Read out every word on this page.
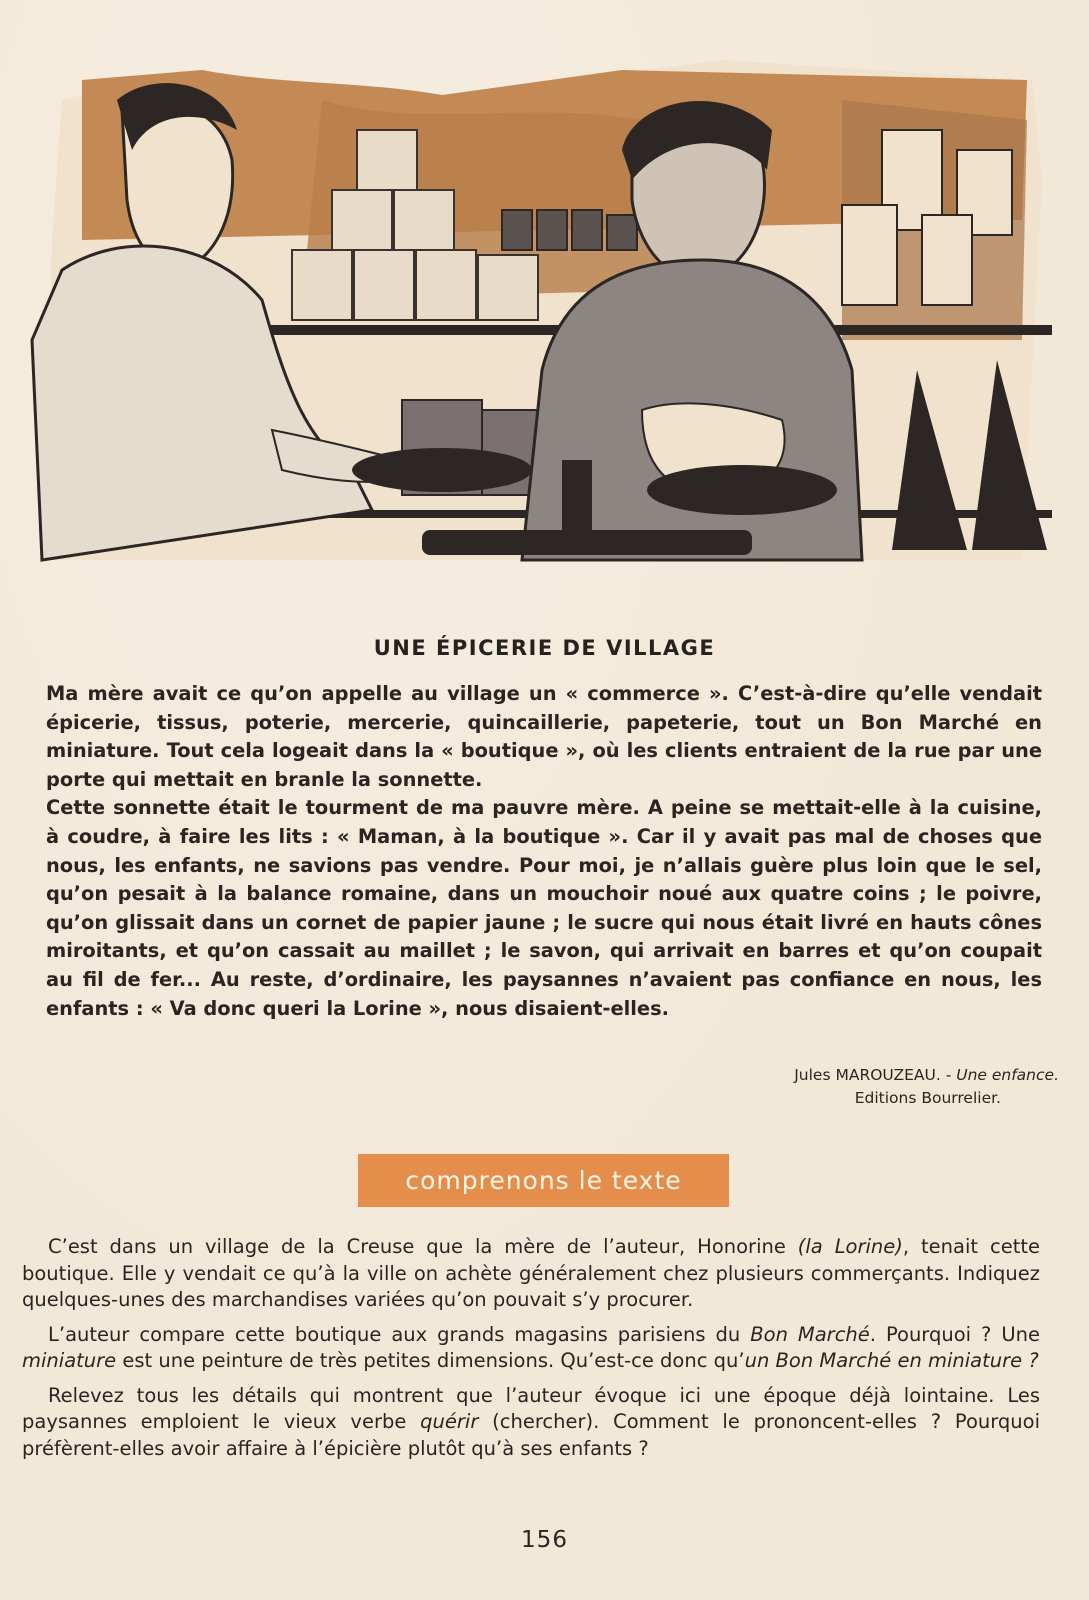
UNE ÉPICERIE DE VILLAGE

Ma mère avait ce qu’on appelle au village un « commerce ». C’est-à-dire qu’elle vendait épicerie, tissus, poterie, mercerie, quincaillerie, papeterie, tout un Bon Marché en miniature. Tout cela logeait dans la « boutique », où les clients entraient de la rue par une porte qui mettait en branle la sonnette.

Cette sonnette était le tourment de ma pauvre mère. A peine se mettait-elle à la cuisine, à coudre, à faire les lits : « Maman, à la boutique ». Car il y avait pas mal de choses que nous, les enfants, ne savions pas vendre. Pour moi, je n’allais guère plus loin que le sel, qu’on pesait à la balance romaine, dans un mouchoir noué aux quatre coins ; le poivre, qu’on glissait dans un cornet de papier jaune ; le sucre qui nous était livré en hauts cônes miroitants, et qu’on cassait au maillet ; le savon, qui arrivait en barres et qu’on coupait au fil de fer... Au reste, d’ordinaire, les paysannes n’avaient pas confiance en nous, les enfants : « Va donc queri la Lorine », nous disaient-elles.

Jules MAROUZEAU. - Une enfance.
Editions Bourrelier.
comprenons le texte

C’est dans un village de la Creuse que la mère de l’auteur, Honorine (la Lorine), tenait cette boutique. Elle y vendait ce qu’à la ville on achète généralement chez plusieurs commerçants. Indiquez quelques-unes des marchandises variées qu’on pouvait s’y procurer.

L’auteur compare cette boutique aux grands magasins parisiens du Bon Marché. Pourquoi ? Une miniature est une peinture de très petites dimensions. Qu’est-ce donc qu’un Bon Marché en miniature ?

Relevez tous les détails qui montrent que l’auteur évoque ici une époque déjà lointaine. Les paysannes emploient le vieux verbe quérir (chercher). Comment le prononcent-elles ? Pourquoi préfèrent-elles avoir affaire à l’épicière plutôt qu’à ses enfants ?

156
